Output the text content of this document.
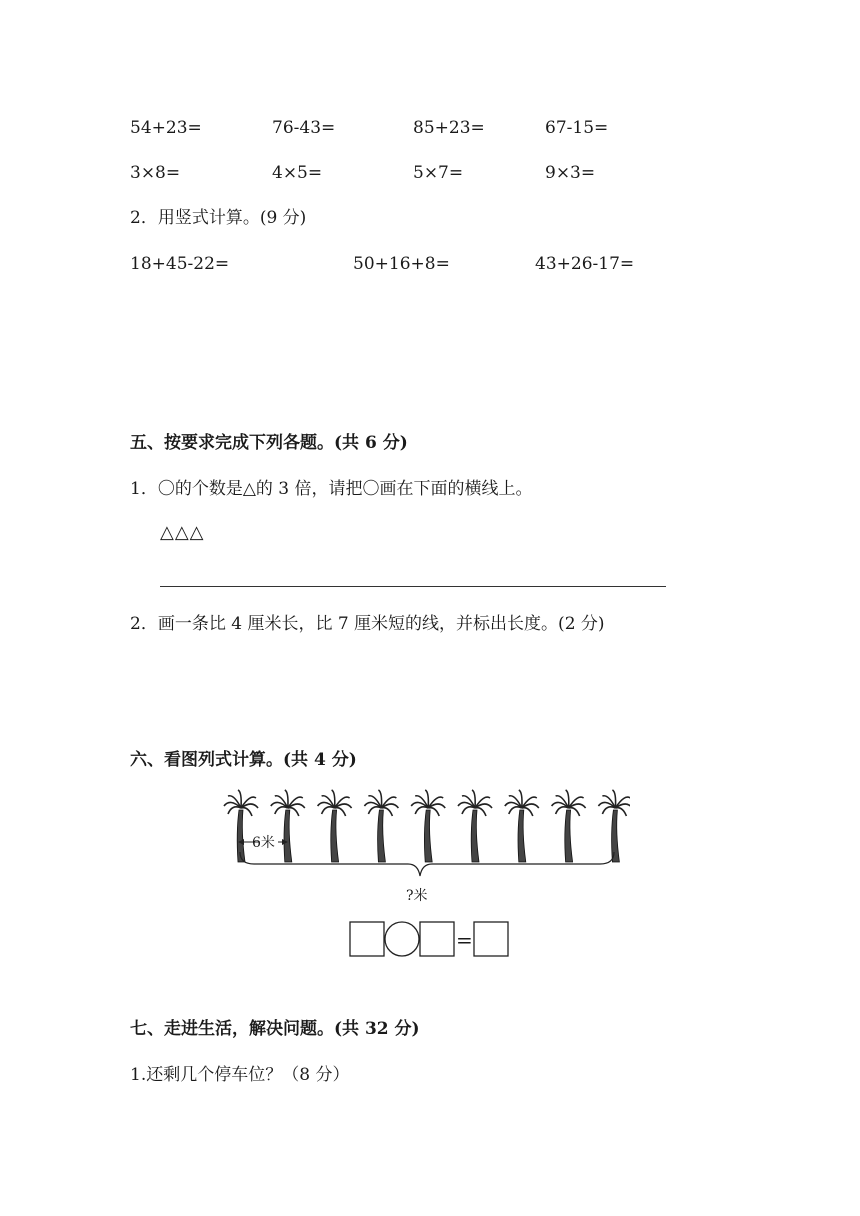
54+23=	76-43=	85+23=	67-15=
3×8=	4×5=	5×7=	9×3=
2．用竖式计算。(9 分)
18+45-22=	50+16+8=	43+26-17=
五、按要求完成下列各题。(共 6 分)
1．〇的个数是△的 3 倍，请把〇画在下面的横线上。
△△△
2．画一条比 4 厘米长，比 7 厘米短的线，并标出长度。(2 分)
六、看图列式计算。(共 4 分)
6米
?米
=
七、走进生活，解决问题。(共 32 分)
1.还剩几个停车位？（8 分）
